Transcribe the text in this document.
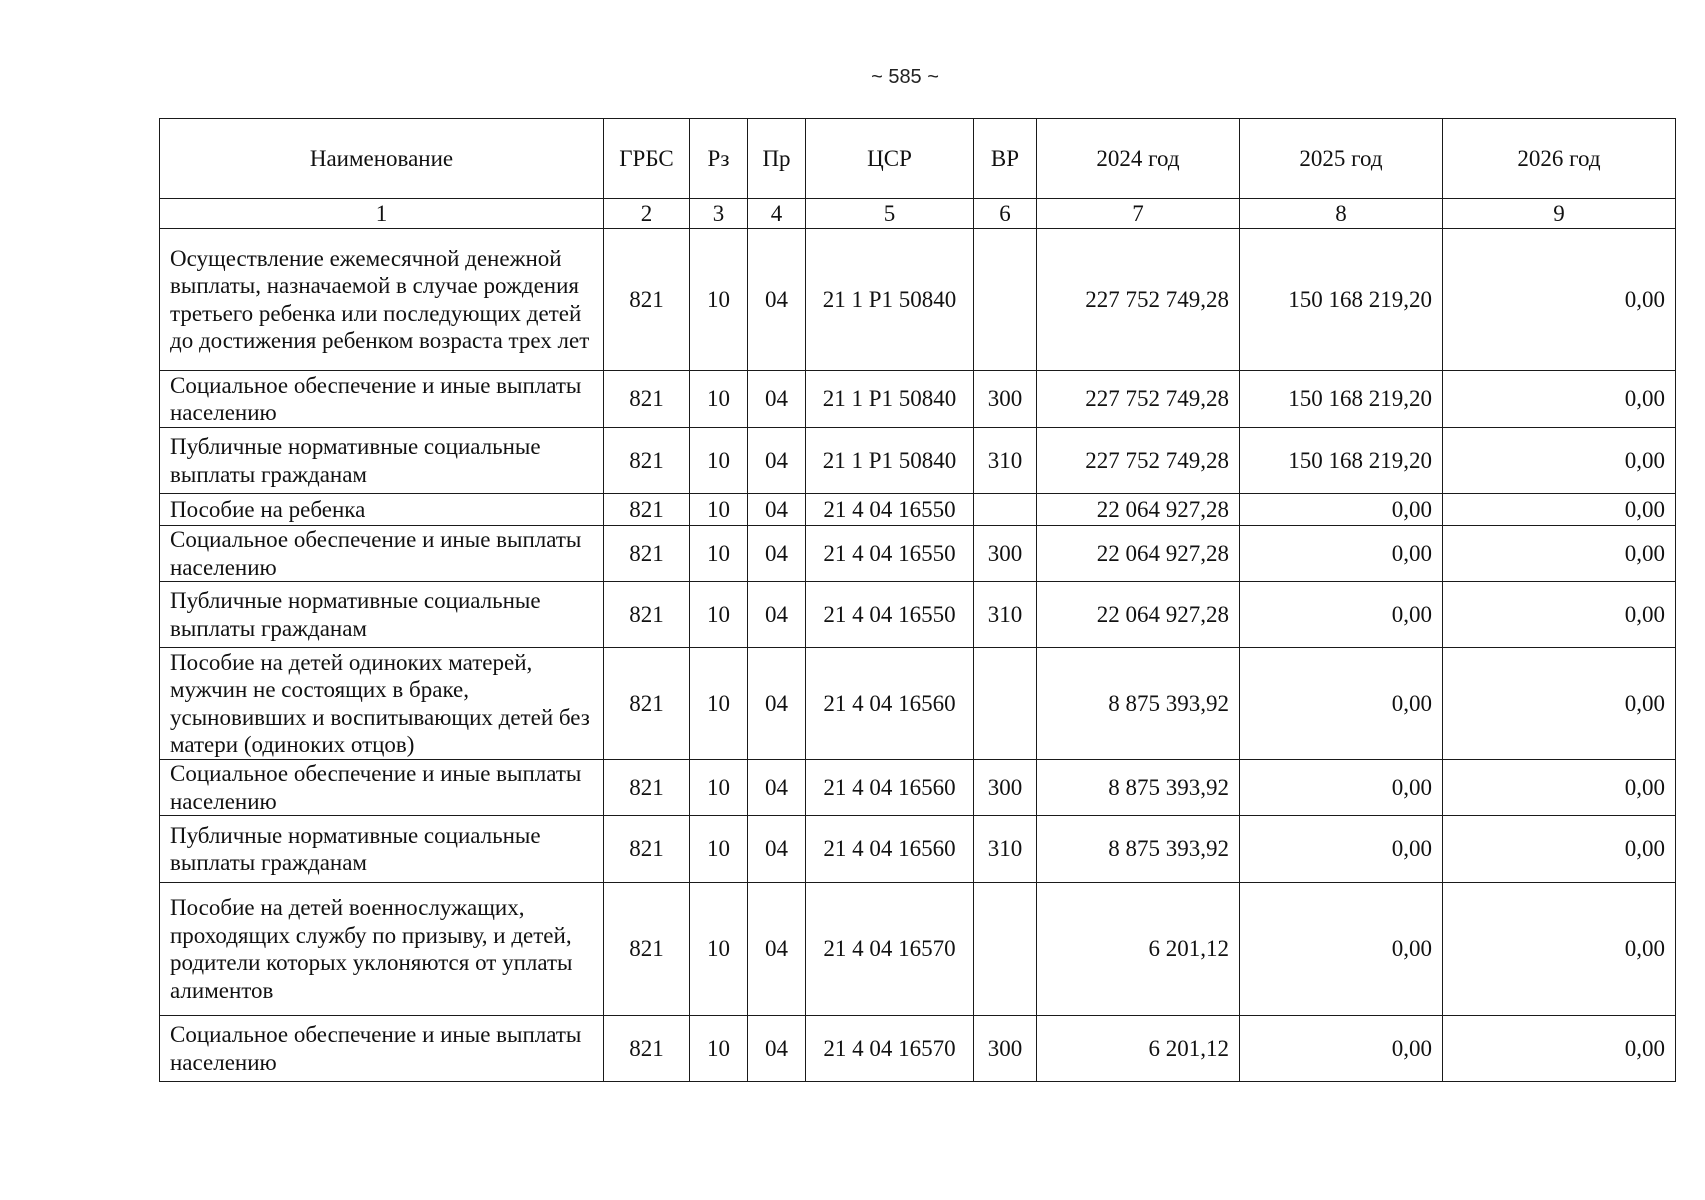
~ 585 ~
Наименование	ГРБС	Рз	Пр	ЦСР	ВР	2024 год	2025 год	2026 год
1	2	3	4	5	6	7	8	9
Осуществление ежемесячной денежной выплаты, назначаемой в случае рождения третьего ребенка или последующих детей до достижения ребенком возраста трех лет	821	10	04	21 1 Р1 50840		227 752 749,28	150 168 219,20	0,00
Социальное обеспечение и иные выплаты населению	821	10	04	21 1 Р1 50840	300	227 752 749,28	150 168 219,20	0,00
Публичные нормативные социальные выплаты гражданам	821	10	04	21 1 Р1 50840	310	227 752 749,28	150 168 219,20	0,00
Пособие на ребенка	821	10	04	21 4 04 16550		22 064 927,28	0,00	0,00
Социальное обеспечение и иные выплаты населению	821	10	04	21 4 04 16550	300	22 064 927,28	0,00	0,00
Публичные нормативные социальные выплаты гражданам	821	10	04	21 4 04 16550	310	22 064 927,28	0,00	0,00
Пособие на детей одиноких матерей, мужчин не состоящих в браке, усыновивших и воспитывающих детей без матери (одиноких отцов)	821	10	04	21 4 04 16560		8 875 393,92	0,00	0,00
Социальное обеспечение и иные выплаты населению	821	10	04	21 4 04 16560	300	8 875 393,92	0,00	0,00
Публичные нормативные социальные выплаты гражданам	821	10	04	21 4 04 16560	310	8 875 393,92	0,00	0,00
Пособие на детей военнослужащих, проходящих службу по призыву, и детей, родители которых уклоняются от уплаты алиментов	821	10	04	21 4 04 16570		6 201,12	0,00	0,00
Социальное обеспечение и иные выплаты населению	821	10	04	21 4 04 16570	300	6 201,12	0,00	0,00
